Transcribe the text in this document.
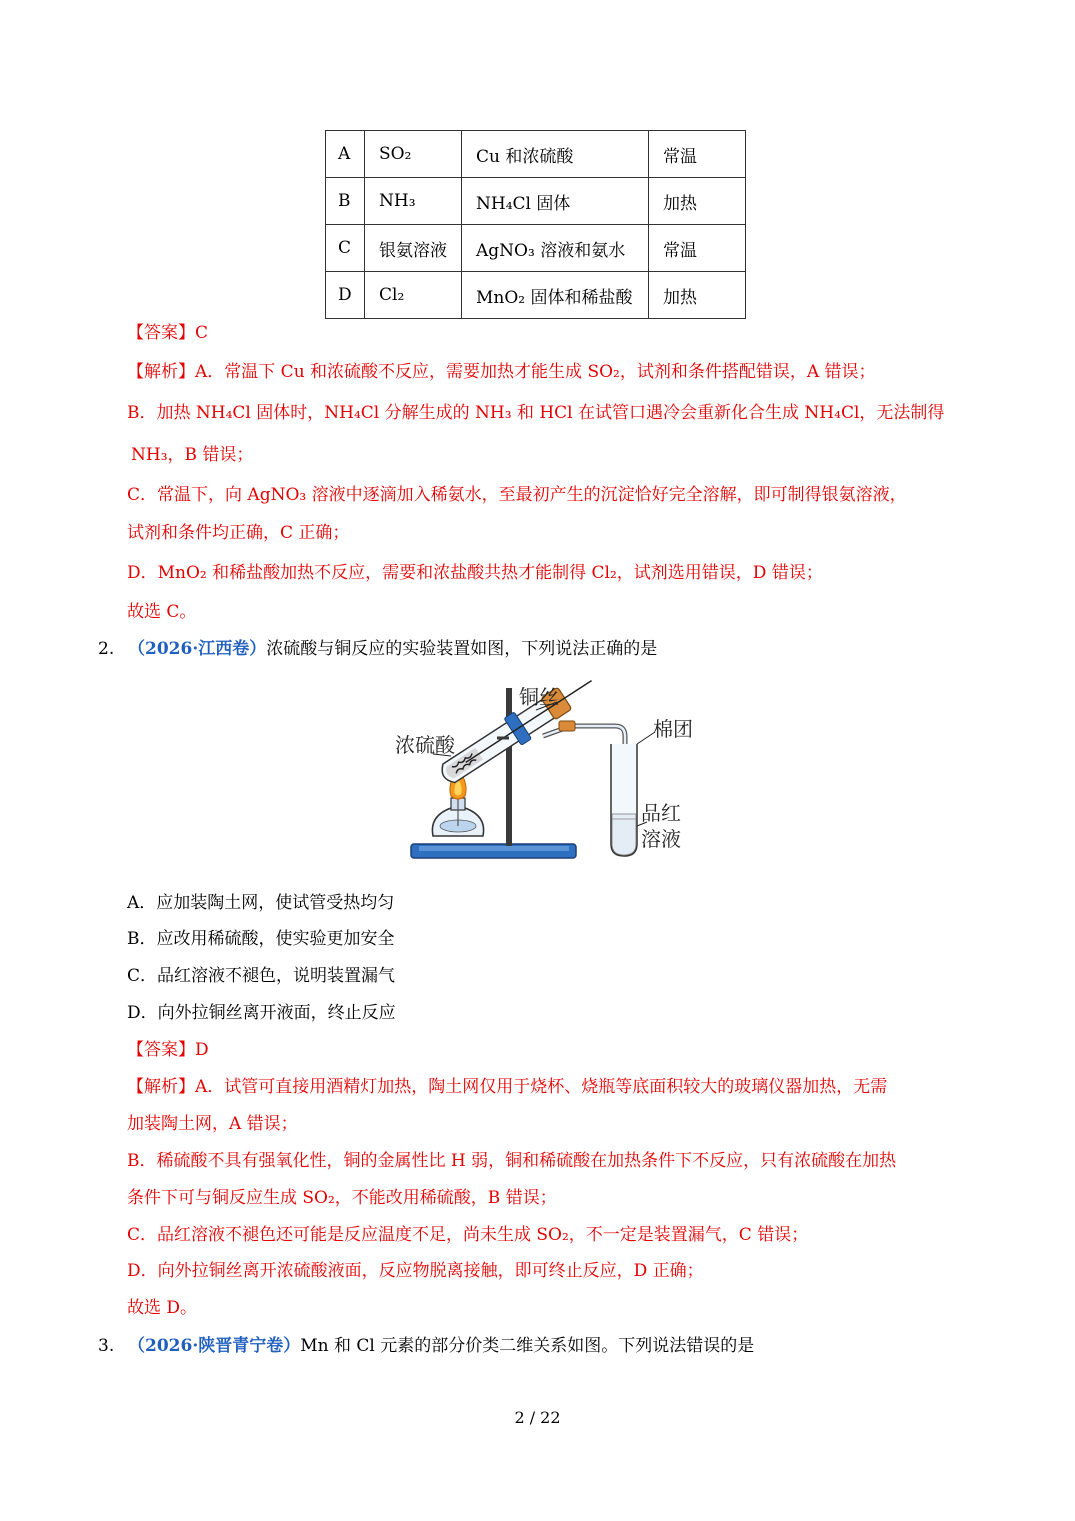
A	SO₂	Cu 和浓硫酸	常温
B	NH₃	NH₄Cl 固体	加热
C	银氨溶液	AgNO₃ 溶液和氨水	常温
D	Cl₂	MnO₂ 固体和稀盐酸	加热
【答案】C
【解析】A．常温下 Cu 和浓硫酸不反应，需要加热才能生成 SO₂，试剂和条件搭配错误，A 错误；
B．加热 NH₄Cl 固体时，NH₄Cl 分解生成的 NH₃ 和 HCl 在试管口遇冷会重新化合生成 NH₄Cl，无法制得
NH₃，B 错误；
C．常温下，向 AgNO₃ 溶液中逐滴加入稀氨水，至最初产生的沉淀恰好完全溶解，即可制得银氨溶液，
试剂和条件均正确，C 正确；
D．MnO₂ 和稀盐酸加热不反应，需要和浓盐酸共热才能制得 Cl₂，试剂选用错误，D 错误；
故选 C。
2. （2026·江西卷）浓硫酸与铜反应的实验装置如图，下列说法正确的是
铜丝
浓硫酸
棉团
品红
溶液
A．应加装陶土网，使试管受热均匀
B．应改用稀硫酸，使实验更加安全
C．品红溶液不褪色，说明装置漏气
D．向外拉铜丝离开液面，终止反应
【答案】D
【解析】A．试管可直接用酒精灯加热，陶土网仅用于烧杯、烧瓶等底面积较大的玻璃仪器加热，无需
加装陶土网，A 错误；
B．稀硫酸不具有强氧化性，铜的金属性比 H 弱，铜和稀硫酸在加热条件下不反应，只有浓硫酸在加热
条件下可与铜反应生成 SO₂，不能改用稀硫酸，B 错误；
C．品红溶液不褪色还可能是反应温度不足，尚未生成 SO₂，不一定是装置漏气，C 错误；
D．向外拉铜丝离开浓硫酸液面，反应物脱离接触，即可终止反应，D 正确；
故选 D。
3. （2026·陕晋青宁卷）Mn 和 Cl 元素的部分价类二维关系如图。下列说法错误的是
2 / 22
